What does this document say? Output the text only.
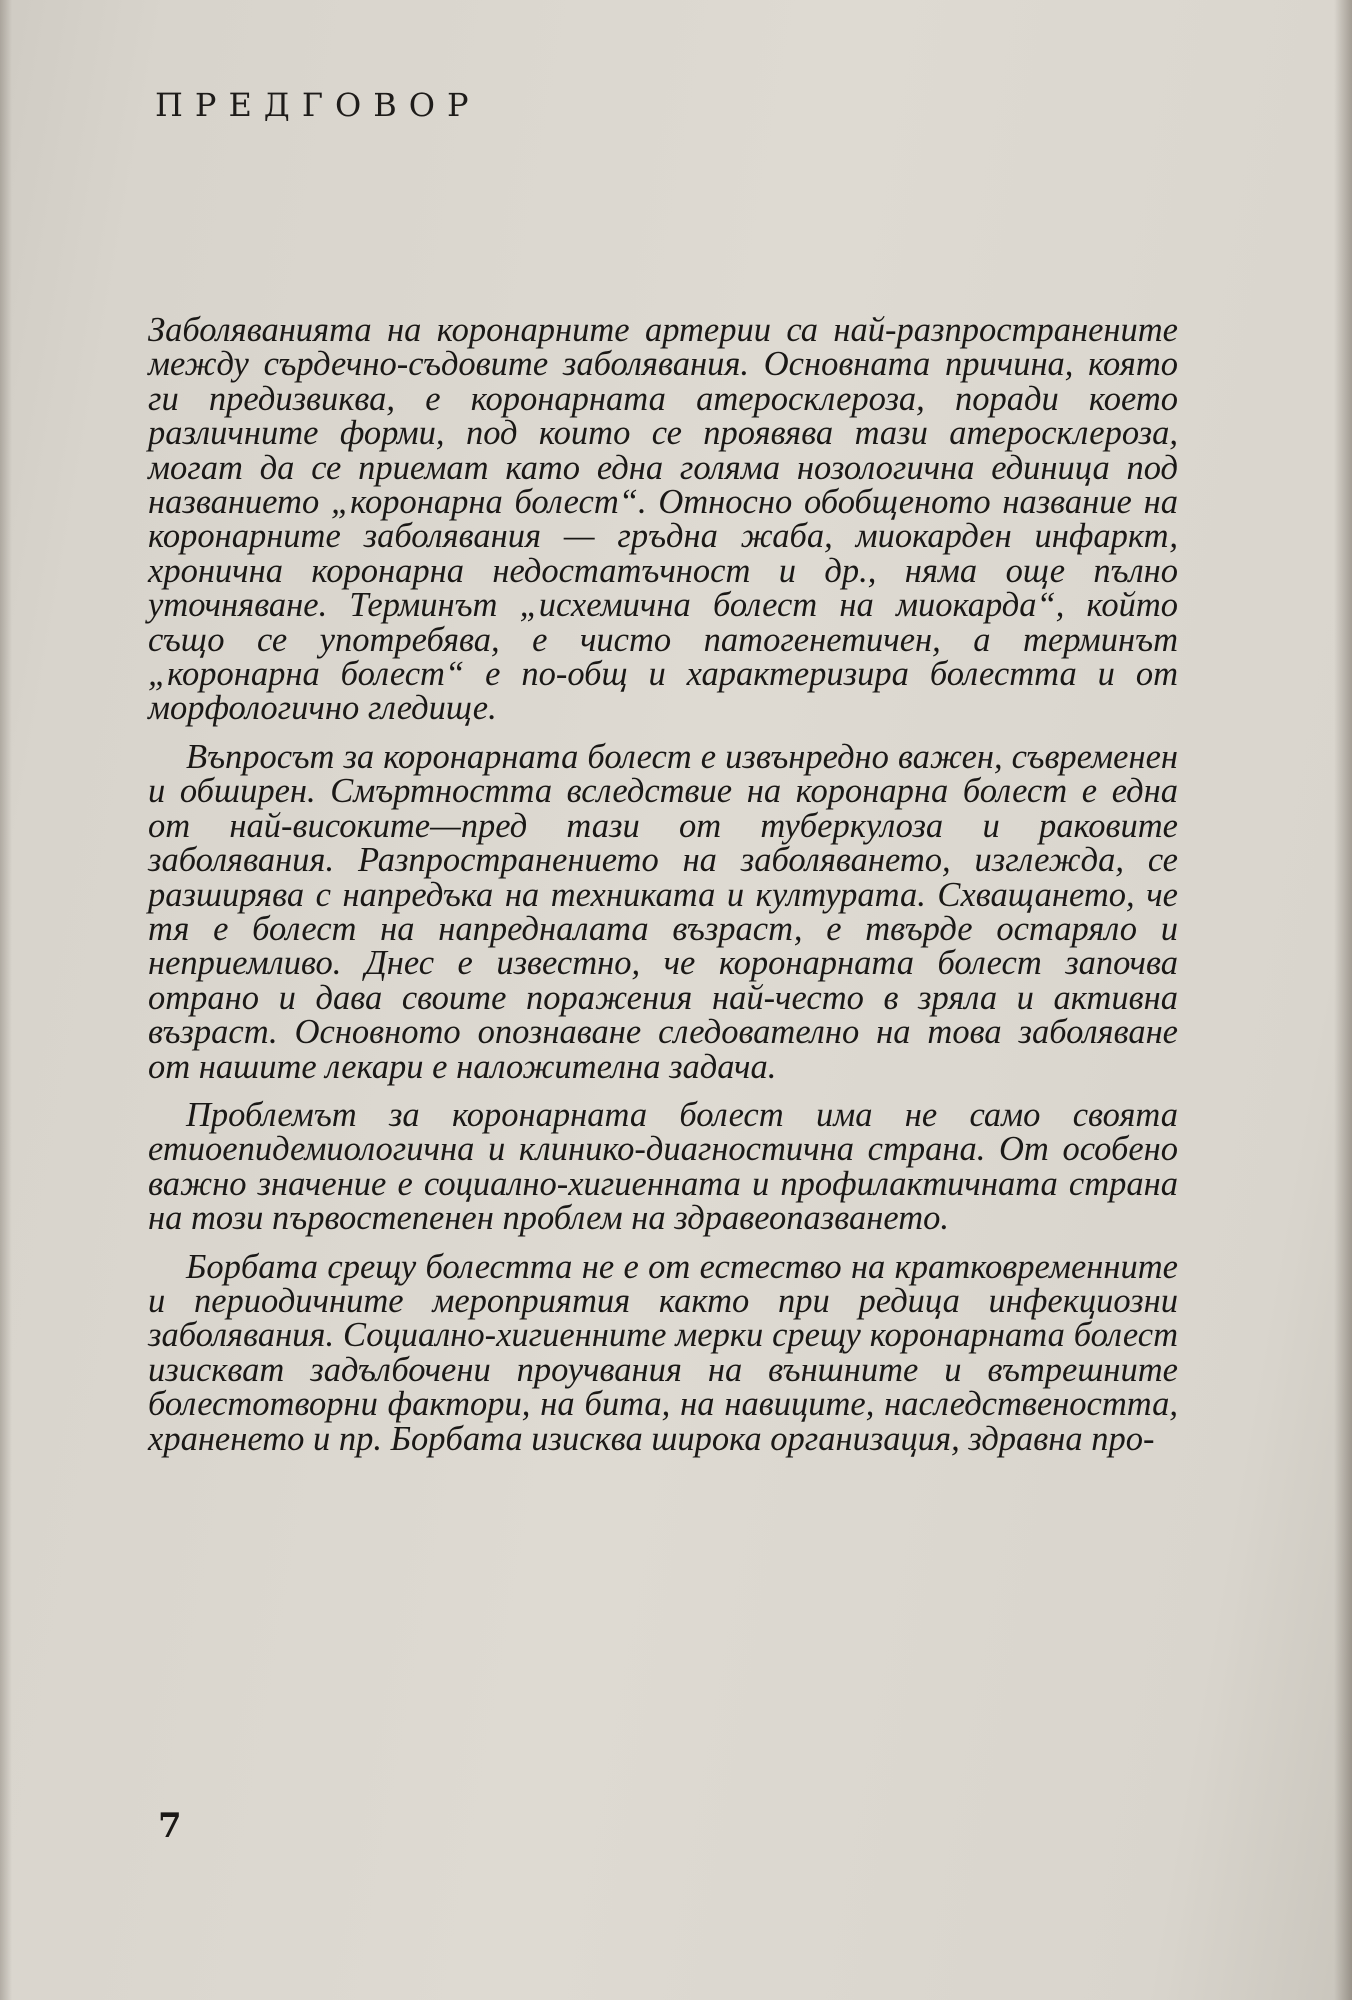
ПРЕДГОВОР

Заболяванията на коронарните артерии са най-разпространените между сърдечно-съдовите заболявания. Основната причина, която ги предизвиква, е коронарната атеросклероза, поради което различните форми, под които се проявява тази атеросклероза, могат да се приемат като една голяма нозологична единица под названието „коронарна болест“. Относно обобщеното название на коронарните заболявания — гръдна жаба, миокарден инфаркт, хронична коронарна недостатъчност и др., няма още пълно уточняване. Терминът „исхемична болест на миокарда“, който също се употребява, е чисто патогенетичен, а терминът „коронарна болест“ е по-общ и характеризира болестта и от морфологично гледище.

Въпросът за коронарната болест е извънредно важен, съвременен и обширен. Смъртността вследствие на коронарна болест е една от най-високите—пред тази от туберкулоза и раковите заболявания. Разпространението на заболяването, изглежда, се разширява с напредъка на техниката и културата. Схващането, че тя е болест на напредналата възраст, е твърде остаряло и неприемливо. Днес е известно, че коронарната болест започва отрано и дава своите поражения най-често в зряла и активна възраст. Основното опознаване следователно на това заболяване от нашите лекари е наложителна задача.

Проблемът за коронарната болест има не само своята етиоепидемиологична и клинико-диагностична страна. От особено важно значение е социално-хигиенната и профилактичната страна на този първостепенен проблем на здравеопазването.

Борбата срещу болестта не е от естество на кратковременните и периодичните мероприятия както при редица инфекциозни заболявания. Социално-хигиенните мерки срещу коронарната болест изискват задълбочени проучвания на външните и вътрешните болестотворни фактори, на бита, на навиците, наследствеността, храненето и пр. Борбата изисква широка организация, здравна про-

7
